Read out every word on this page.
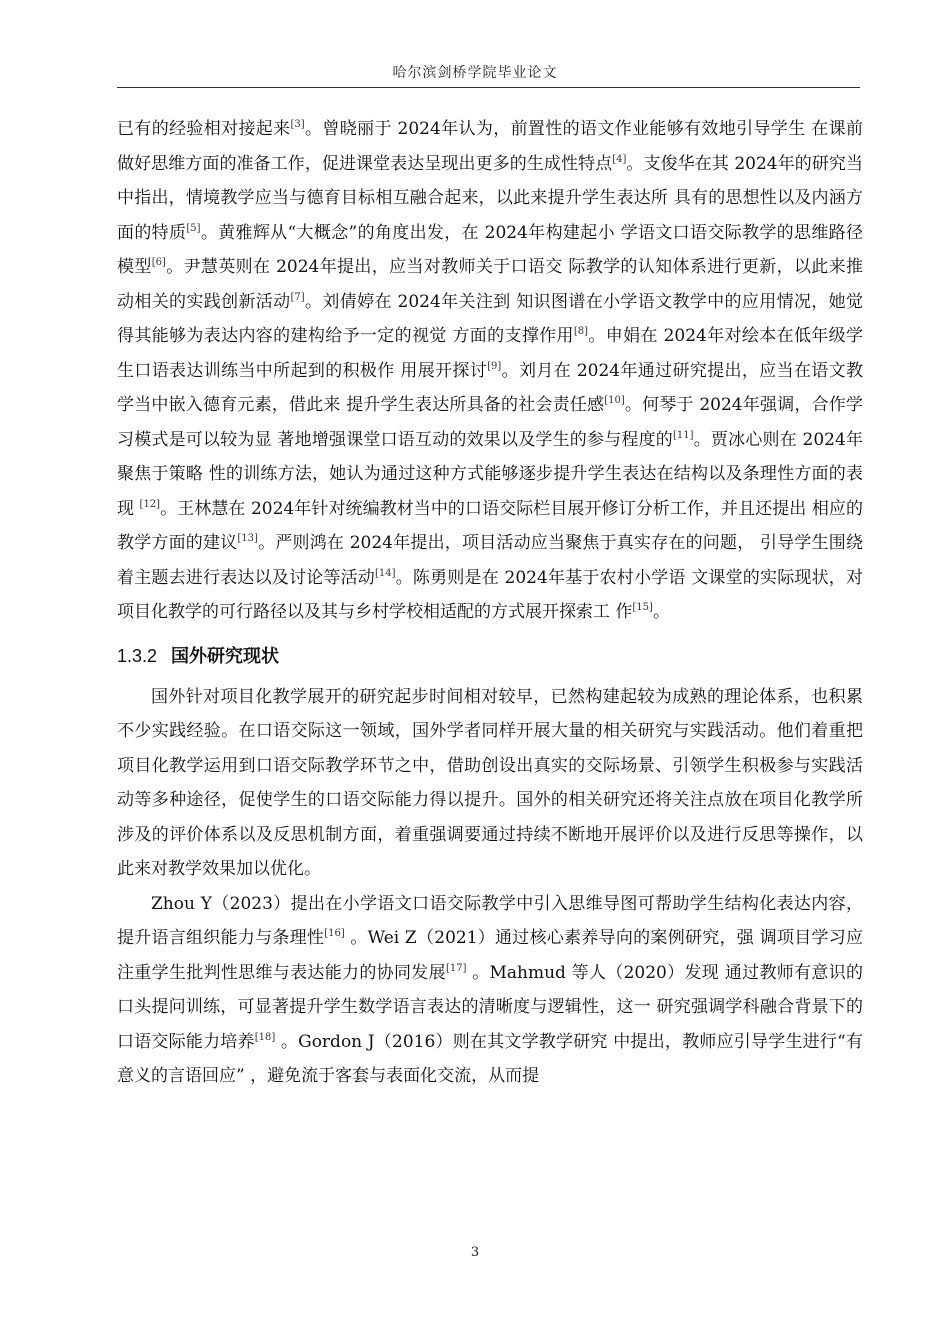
哈尔滨剑桥学院毕业论文

已有的经验相对接起来[3]。曾晓丽于 2024年认为，前置性的语文作业能够有效地引导学生 在课前做好思维方面的准备工作，促进课堂表达呈现出更多的生成性特点[4]。支俊华在其 2024年的研究当中指出，情境教学应当与德育目标相互融合起来，以此来提升学生表达所 具有的思想性以及内涵方面的特质[5]。黄雅辉从“大概念”的角度出发，在 2024年构建起小 学语文口语交际教学的思维路径模型[6]。尹慧英则在 2024年提出，应当对教师关于口语交 际教学的认知体系进行更新，以此来推动相关的实践创新活动[7]。刘倩婷在 2024年关注到 知识图谱在小学语文教学中的应用情况，她觉得其能够为表达内容的建构给予一定的视觉 方面的支撑作用[8]。申娟在 2024年对绘本在低年级学生口语表达训练当中所起到的积极作 用展开探讨[9]。刘月在 2024年通过研究提出，应当在语文教学当中嵌入德育元素，借此来 提升学生表达所具备的社会责任感[10]。何琴于 2024年强调，合作学习模式是可以较为显 著地增强课堂口语互动的效果以及学生的参与程度的[11]。贾冰心则在 2024年聚焦于策略 性的训练方法，她认为通过这种方式能够逐步提升学生表达在结构以及条理性方面的表现 [12]。王林慧在 2024年针对统编教材当中的口语交际栏目展开修订分析工作，并且还提出 相应的教学方面的建议[13]。严则鸿在 2024年提出，项目活动应当聚焦于真实存在的问题， 引导学生围绕着主题去进行表达以及讨论等活动[14]。陈勇则是在 2024年基于农村小学语 文课堂的实际现状，对项目化教学的可行路径以及其与乡村学校相适配的方式展开探索工 作[15]。

1.3.2 国外研究现状

国外针对项目化教学展开的研究起步时间相对较早，已然构建起较为成熟的理论体系，也积累不少实践经验。在口语交际这一领域，国外学者同样开展大量的相关研究与实践活动。他们着重把项目化教学运用到口语交际教学环节之中，借助创设出真实的交际场景、引领学生积极参与实践活动等多种途径，促使学生的口语交际能力得以提升。国外的相关研究还将关注点放在项目化教学所涉及的评价体系以及反思机制方面，着重强调要通过持续不断地开展评价以及进行反思等操作，以此来对教学效果加以优化。

Zhou Y（2023）提出在小学语文口语交际教学中引入思维导图可帮助学生结构化表达内容，提升语言组织能力与条理性[16] 。Wei Z（2021）通过核心素养导向的案例研究，强 调项目学习应注重学生批判性思维与表达能力的协同发展[17] 。Mahmud 等人（2020）发现 通过教师有意识的口头提问训练，可显著提升学生数学语言表达的清晰度与逻辑性，这一 研究强调学科融合背景下的口语交际能力培养[18] 。Gordon J（2016）则在其文学教学研究 中提出，教师应引导学生进行“有意义的言语回应” ，避免流于客套与表面化交流，从而提

3
